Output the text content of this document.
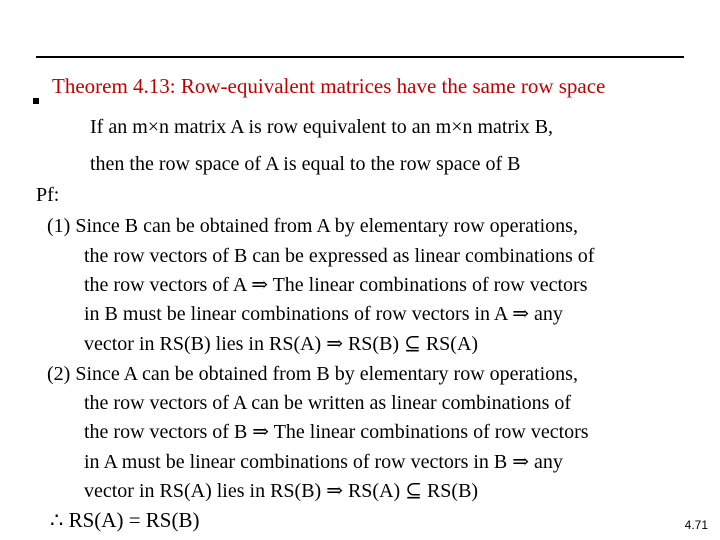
Theorem 4.13: Row-equivalent matrices have the same row space
If an m×n matrix A is row equivalent to an m×n matrix B,
then the row space of A is equal to the row space of B
Pf:
(1) Since B can be obtained from A by elementary row operations,
the row vectors of B can be expressed as linear combinations of
the row vectors of A ⇒ The linear combinations of row vectors
in B must be linear combinations of row vectors in A ⇒ any
vector in RS(B) lies in RS(A) ⇒ RS(B) ⊆ RS(A)
(2) Since A can be obtained from B by elementary row operations,
the row vectors of A can be written as linear combinations of
the row vectors of B ⇒ The linear combinations of row vectors
in A must be linear combinations of row vectors in B ⇒ any
vector in RS(A) lies in RS(B) ⇒ RS(A) ⊆ RS(B)
∴ RS(A) = RS(B)	4.71
